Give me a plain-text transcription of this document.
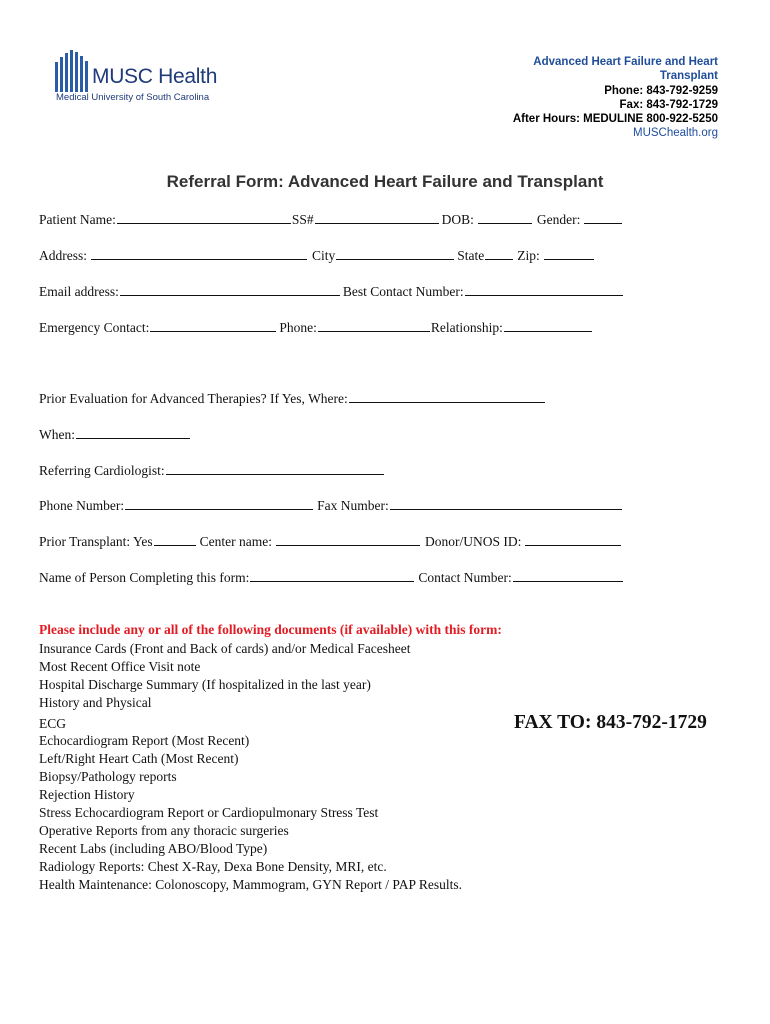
MUSC Health
Medical University of South Carolina
Advanced Heart Failure and Heart
Transplant
Phone: 843-792-9259
Fax: 843-792-1729
After Hours: MEDULINE 800-922-5250
MUSChealth.org
Referral Form: Advanced Heart Failure and Transplant
Patient Name:	SS#	DOB:	Gender:
Address:	City	State Zip:
Email address:	Best Contact Number:
Emergency Contact:	Phone:	Relationship:
Prior Evaluation for Advanced Therapies? If Yes, Where:
When:
Referring Cardiologist:
Phone Number:	Fax Number:
Prior Transplant: Yes	Center name:	Donor/UNOS ID:
Name of Person Completing this form:	Contact Number:
Please include any or all of the following documents (if available) with this form:
Insurance Cards (Front and Back of cards) and/or Medical Facesheet
Most Recent Office Visit note
Hospital Discharge Summary (If hospitalized in the last year)
History and Physical
ECG
Echocardiogram Report (Most Recent)
Left/Right Heart Cath (Most Recent)
Biopsy/Pathology reports
Rejection History
Stress Echocardiogram Report or Cardiopulmonary Stress Test
Operative Reports from any thoracic surgeries
Recent Labs (including ABO/Blood Type)
Radiology Reports: Chest X-Ray, Dexa Bone Density, MRI, etc.
Health Maintenance: Colonoscopy, Mammogram, GYN Report / PAP Results.
FAX TO: 843-792-1729
